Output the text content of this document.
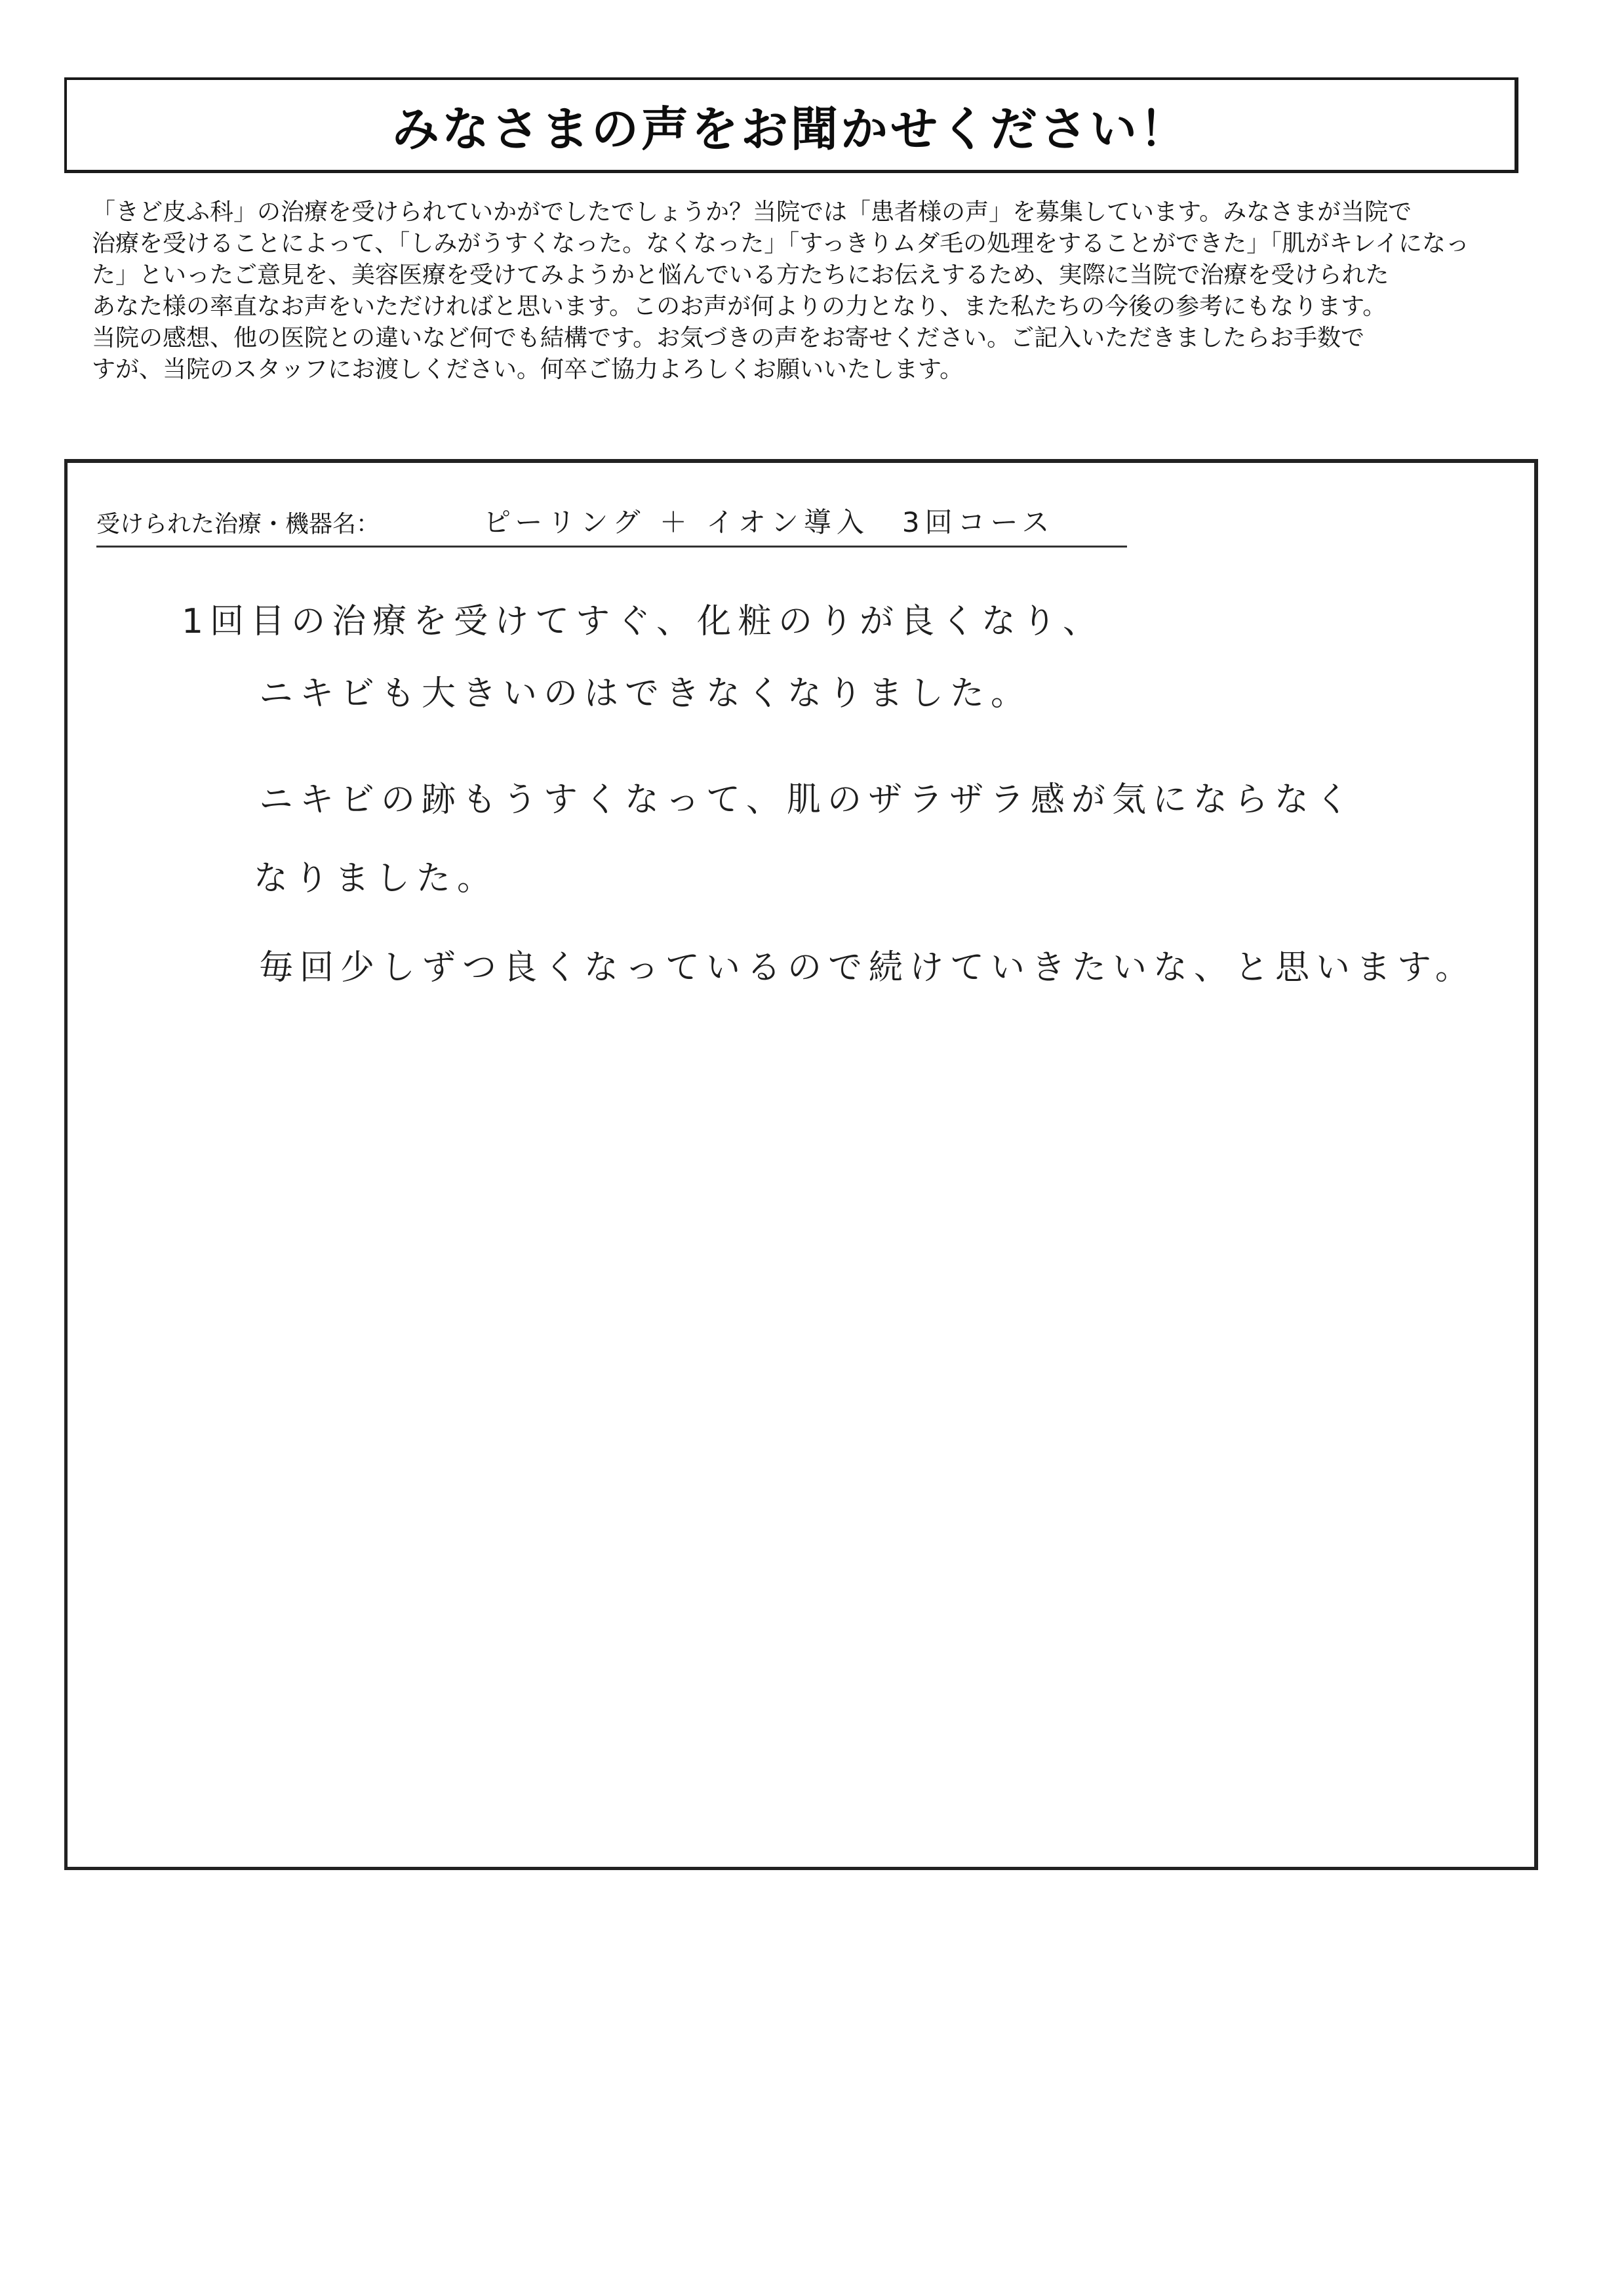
みなさまの声をお聞かせください！
「きど皮ふ科」の治療を受けられていかがでしたでしょうか？当院では「患者様の声」を募集しています。みなさまが当院で
治療を受けることによって、「しみがうすくなった。なくなった」「すっきりムダ毛の処理をすることができた」「肌がキレイになっ
た」といったご意見を、美容医療を受けてみようかと悩んでいる方たちにお伝えするため、実際に当院で治療を受けられた
あなた様の率直なお声をいただければと思います。このお声が何よりの力となり、また私たちの今後の参考にもなります。
当院の感想、他の医院との違いなど何でも結構です。お気づきの声をお寄せください。ご記入いただきましたらお手数で
すが、当院のスタッフにお渡しください。何卒ご協力よろしくお願いいたします。
受けられた治療・機器名：	ピーリング ＋ イオン導入　3回コース
1回目の治療を受けてすぐ、化粧のりが良くなり、
ニキビも大きいのはできなくなりました。
ニキビの跡もうすくなって、肌のザラザラ感が気にならなく
なりました。
毎回少しずつ良くなっているので続けていきたいな、と思います。
